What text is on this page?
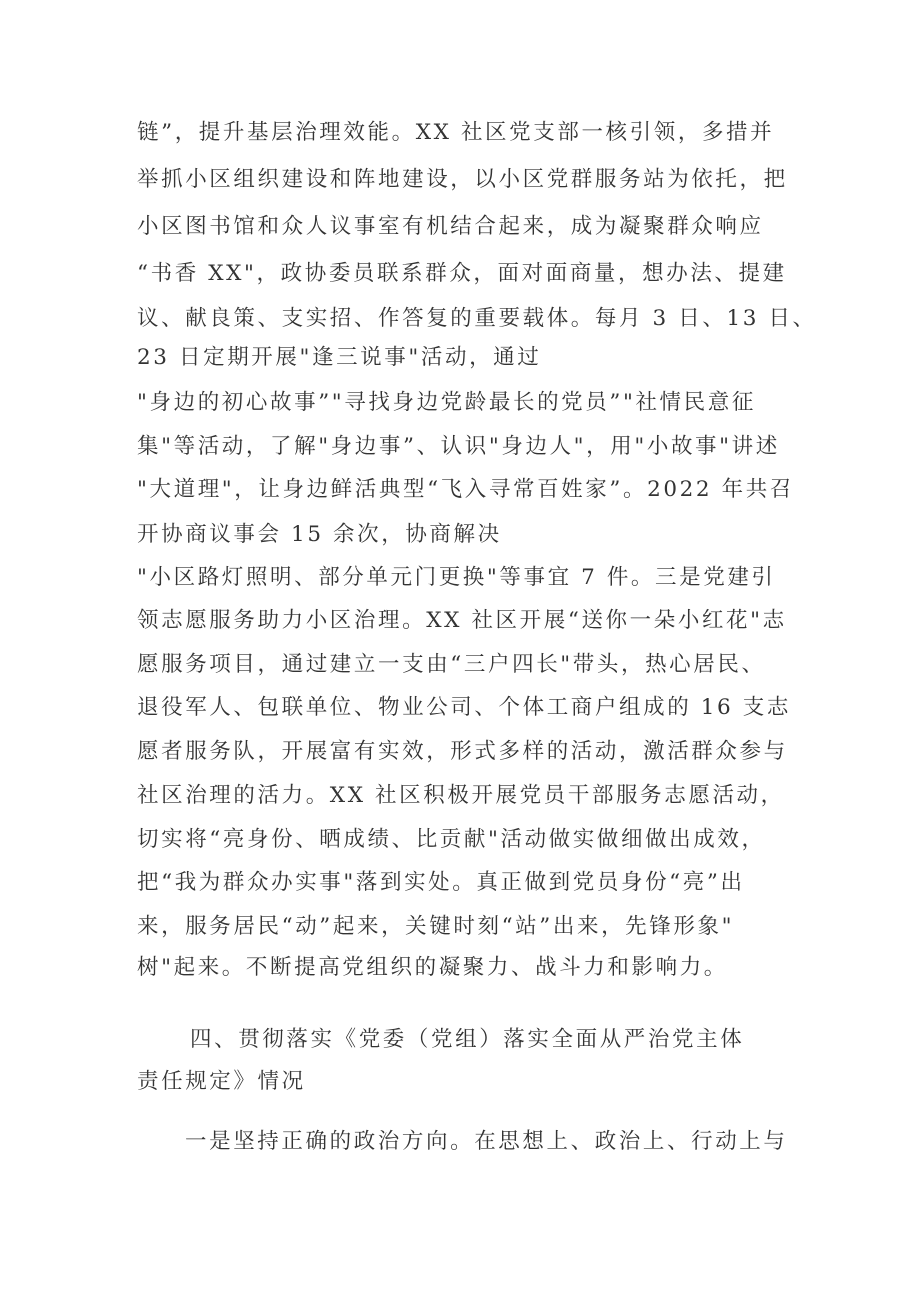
链”，提升基层治理效能。XX 社区党支部一核引领，多措并
举抓小区组织建设和阵地建设，以小区党群服务站为依托，把
小区图书馆和众人议事室有机结合起来，成为凝聚群众响应
“书香 XX"，政协委员联系群众，面对面商量，想办法、提建
议、献良策、支实招、作答复的重要载体。每月 3 日、13 日、
23 日定期开展"逢三说事"活动，通过
"身边的初心故事”"寻找身边党龄最长的党员”"社情民意征
集"等活动，了解"身边事”、认识"身边人"，用"小故事"讲述
"大道理"，让身边鲜活典型“飞入寻常百姓家”。2022 年共召
开协商议事会 15 余次，协商解决
"小区路灯照明、部分单元门更换"等事宜 7 件。三是党建引
领志愿服务助力小区治理。XX 社区开展“送你一朵小红花"志
愿服务项目，通过建立一支由“三户四长"带头，热心居民、
退役军人、包联单位、物业公司、个体工商户组成的 16 支志
愿者服务队，开展富有实效，形式多样的活动，激活群众参与
社区治理的活力。XX 社区积极开展党员干部服务志愿活动，
切实将“亮身份、晒成绩、比贡献"活动做实做细做出成效，
把“我为群众办实事"落到实处。真正做到党员身份“亮”出
来，服务居民“动”起来，关键时刻“站”出来，先锋形象"
树"起来。不断提高党组织的凝聚力、战斗力和影响力。
四、贯彻落实《党委（党组）落实全面从严治党主体
责任规定》情况
一是坚持正确的政治方向。在思想上、政治上、行动上与
